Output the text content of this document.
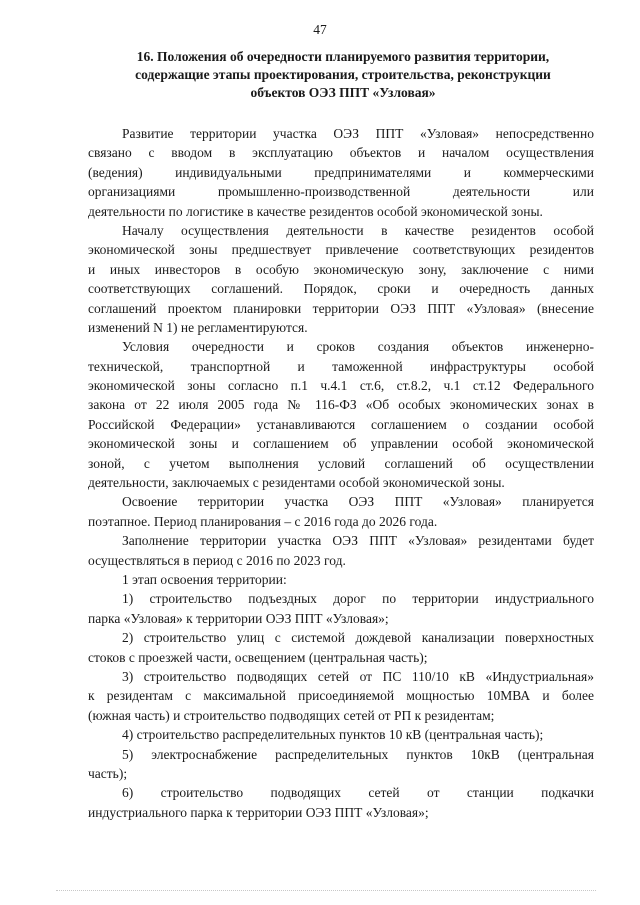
47
16. Положения об очередности планируемого развития территории,
содержащие этапы проектирования, строительства, реконструкции
объектов ОЭЗ ППТ «Узловая»
Развитие территории участка ОЭЗ ППТ «Узловая» непосредственно
связано с вводом в эксплуатацию объектов и началом осуществления
(ведения) индивидуальными предпринимателями и коммерческими
организациями промышленно-производственной деятельности или
деятельности по логистике в качестве резидентов особой экономической зоны.
Началу осуществления деятельности в качестве резидентов особой
экономической зоны предшествует привлечение соответствующих резидентов
и иных инвесторов в особую экономическую зону, заключение с ними
соответствующих соглашений. Порядок, сроки и очередность данных
соглашений проектом планировки территории ОЭЗ ППТ «Узловая» (внесение
изменений N 1) не регламентируются.
Условия очередности и сроков создания объектов инженерно-
технической, транспортной и таможенной инфраструктуры особой
экономической зоны согласно п.1 ч.4.1 ст.6, ст.8.2, ч.1 ст.12 Федерального
закона от 22 июля 2005 года № 116-ФЗ «Об особых экономических зонах в
Российской Федерации» устанавливаются соглашением о создании особой
экономической зоны и соглашением об управлении особой экономической
зоной, с учетом выполнения условий соглашений об осуществлении
деятельности, заключаемых с резидентами особой экономической зоны.
Освоение территории участка ОЭЗ ППТ «Узловая» планируется
поэтапное. Период планирования – с 2016 года до 2026 года.
Заполнение территории участка ОЭЗ ППТ «Узловая» резидентами будет
осуществляться в период с 2016 по 2023 год.
1 этап освоения территории:
1) строительство подъездных дорог по территории индустриального
парка «Узловая» к территории ОЭЗ ППТ «Узловая»;
2) строительство улиц с системой дождевой канализации поверхностных
стоков с проезжей части, освещением (центральная часть);
3) строительство подводящих сетей от ПС 110/10 кВ «Индустриальная»
к резидентам с максимальной присоединяемой мощностью 10МВА и более
(южная часть) и строительство подводящих сетей от РП к резидентам;
4) строительство распределительных пунктов 10 кВ (центральная часть);
5) электроснабжение распределительных пунктов 10кВ (центральная
часть);
6) строительство подводящих сетей от станции подкачки
индустриального парка к территории ОЭЗ ППТ «Узловая»;
